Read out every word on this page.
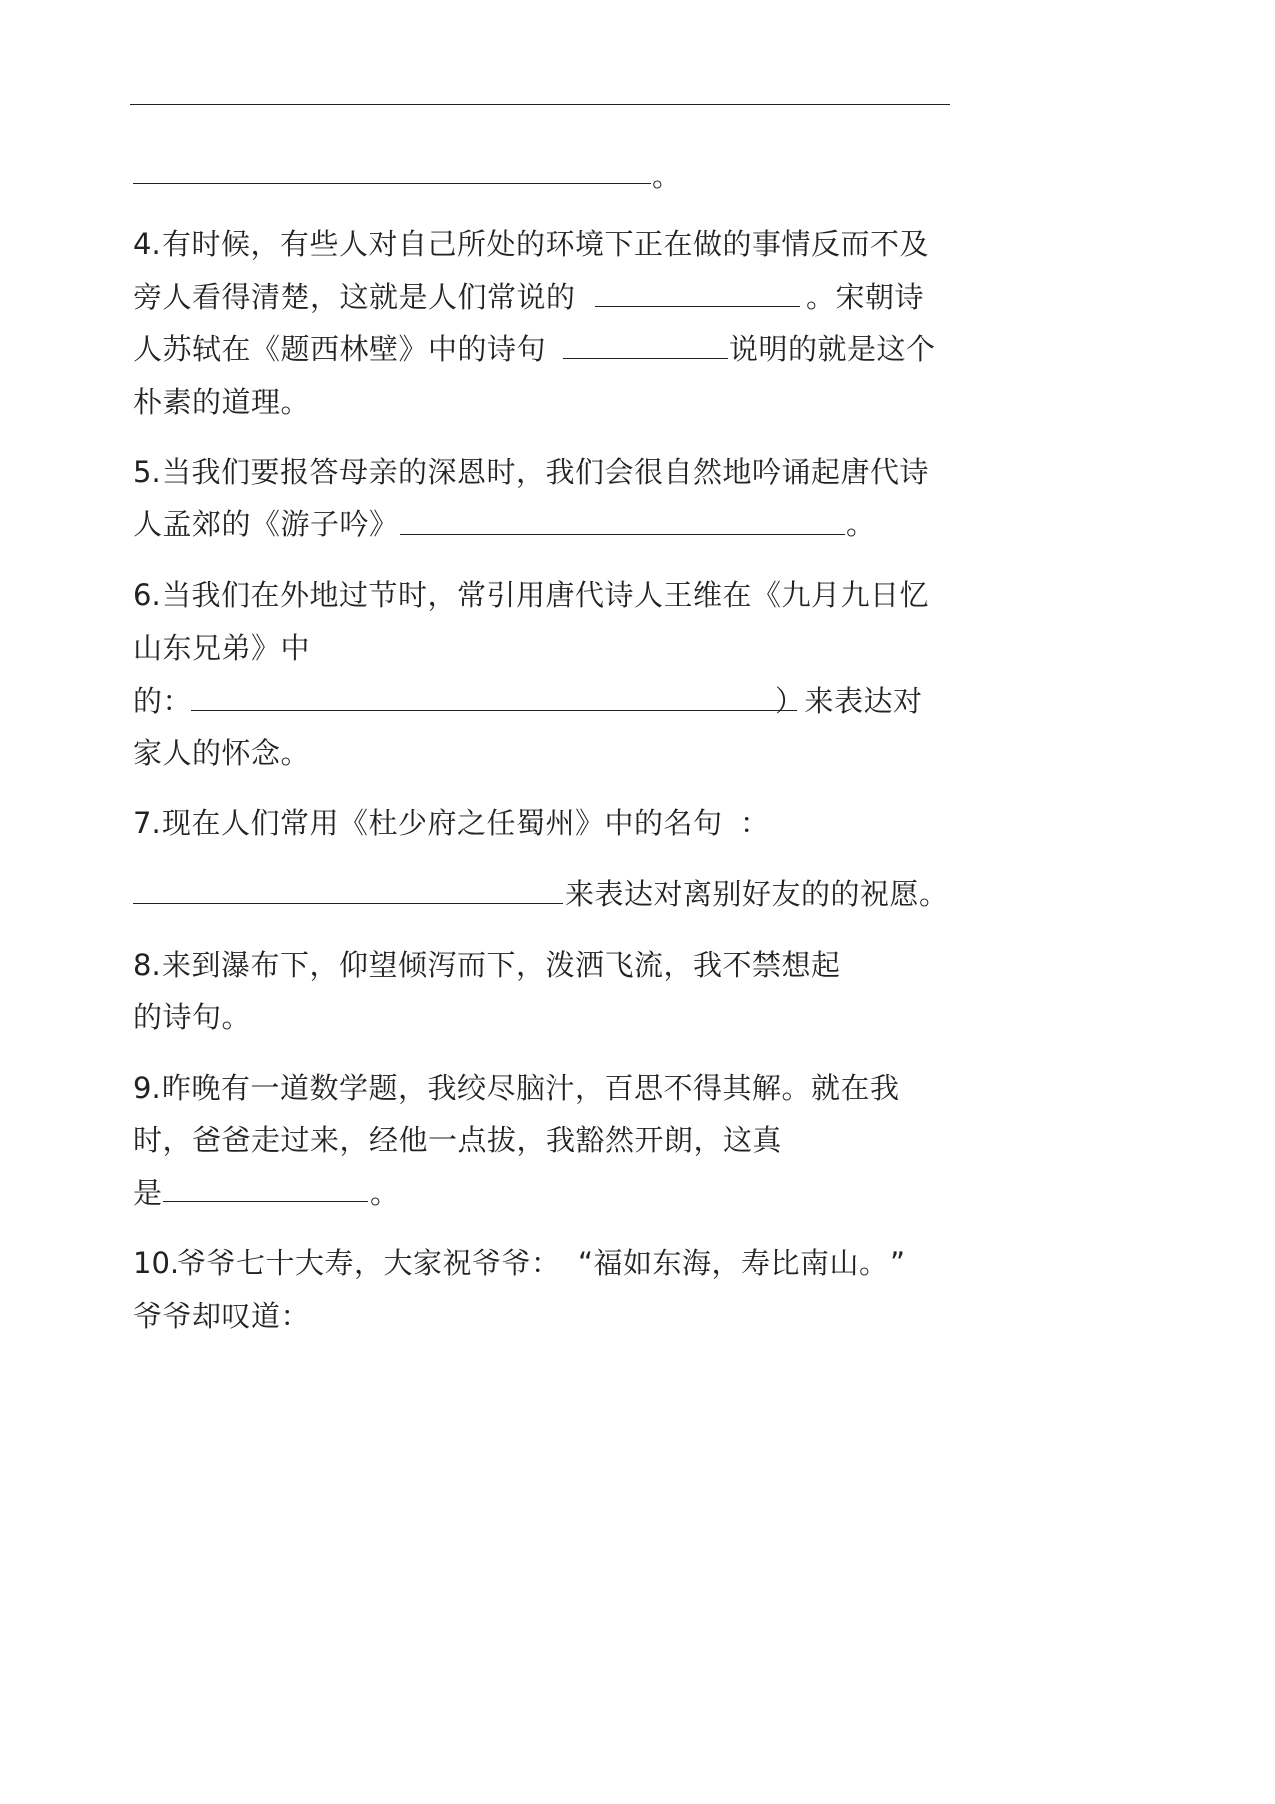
。
4. 有时候，有些人对自己所处的环境下正在做的事情反而不及
旁人看得清楚，这就是人们常说的	。宋朝诗
人苏轼在《题西林壁》中的诗句	说明的就是这个
朴素的道理。
5. 当我们要报答母亲的深恩时，我们会很自然地吟诵起唐代诗
人孟郊的《游子吟》	。
6. 当我们在外地过节时，常引用唐代诗人王维在《九月九日忆
山东兄弟》中
的：	）来表达对
家人的怀念。
7. 现在人们常用《杜少府之任蜀州》中的名句 ：
来表达对离别好友的的祝愿。
8. 来到瀑布下，仰望倾泻而下，泼洒飞流，我不禁想起
的诗句。
9. 昨晚有一道数学题，我绞尽脑汁，百思不得其解。就在我
时，爸爸走过来，经他一点拔，我豁然开朗，这真
是	。
10.
爷爷七十大寿，大家祝爷爷： “福如东海，寿比南山。 ”
爷爷却叹道：
